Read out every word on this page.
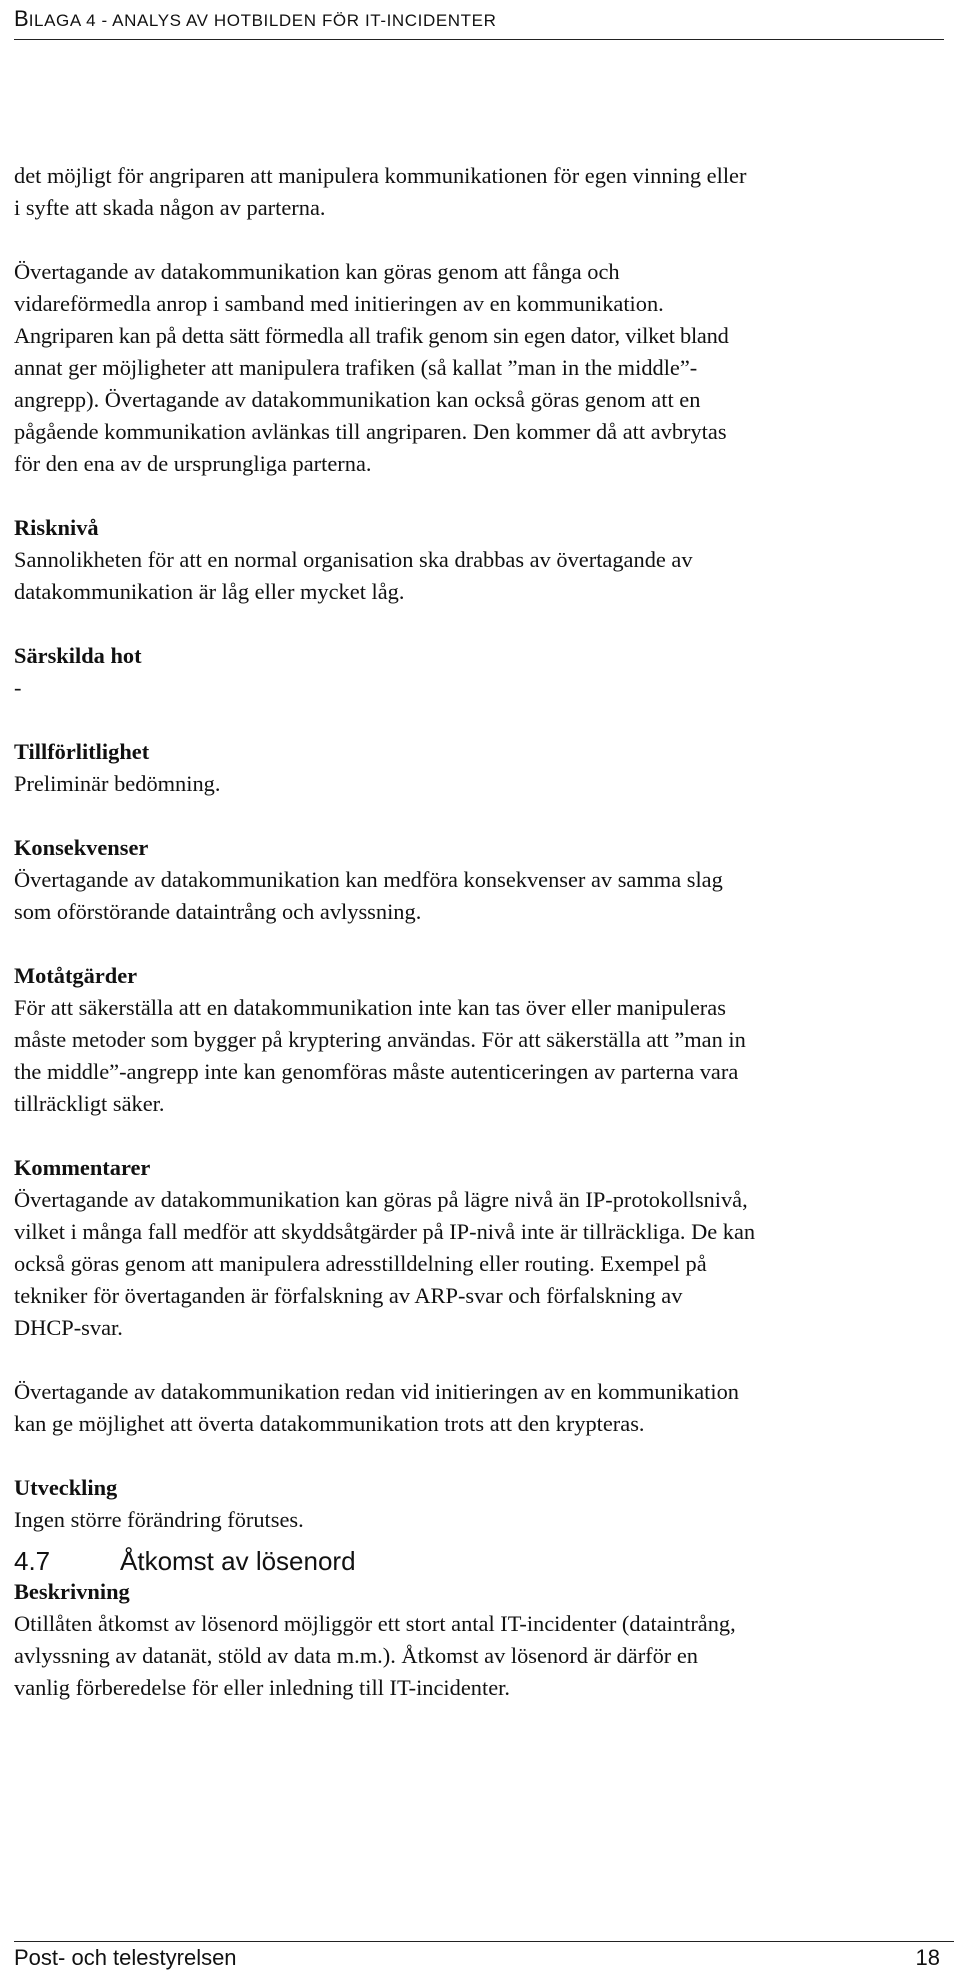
BILAGA 4 - ANALYS AV HOTBILDEN FÖR IT-INCIDENTER
det möjligt för angriparen att manipulera kommunikationen för egen vinning eller
i syfte att skada någon av parterna.
Övertagande av datakommunikation kan göras genom att fånga och
vidareförmedla anrop i samband med initieringen av en kommunikation.
Angriparen kan på detta sätt förmedla all trafik genom sin egen dator, vilket bland
annat ger möjligheter att manipulera trafiken (så kallat ”man in the middle”-
angrepp). Övertagande av datakommunikation kan också göras genom att en
pågående kommunikation avlänkas till angriparen. Den kommer då att avbrytas
för den ena av de ursprungliga parterna.
Risknivå
Sannolikheten för att en normal organisation ska drabbas av övertagande av
datakommunikation är låg eller mycket låg.
Särskilda hot
-
Tillförlitlighet
Preliminär bedömning.
Konsekvenser
Övertagande av datakommunikation kan medföra konsekvenser av samma slag
som oförstörande dataintrång och avlyssning.
Motåtgärder
För att säkerställa att en datakommunikation inte kan tas över eller manipuleras
måste metoder som bygger på kryptering användas. För att säkerställa att ”man in
the middle”-angrepp inte kan genomföras måste autenticeringen av parterna vara
tillräckligt säker.
Kommentarer
Övertagande av datakommunikation kan göras på lägre nivå än IP-protokollsnivå,
vilket i många fall medför att skyddsåtgärder på IP-nivå inte är tillräckliga. De kan
också göras genom att manipulera adresstilldelning eller routing. Exempel på
tekniker för övertaganden är förfalskning av ARP-svar och förfalskning av
DHCP-svar.
Övertagande av datakommunikation redan vid initieringen av en kommunikation
kan ge möjlighet att överta datakommunikation trots att den krypteras.
Utveckling
Ingen större förändring förutses.
4.7	Åtkomst av lösenord
Beskrivning
Otillåten åtkomst av lösenord möjliggör ett stort antal IT-incidenter (dataintrång,
avlyssning av datanät, stöld av data m.m.). Åtkomst av lösenord är därför en
vanlig förberedelse för eller inledning till IT-incidenter.
Post- och telestyrelsen	18
